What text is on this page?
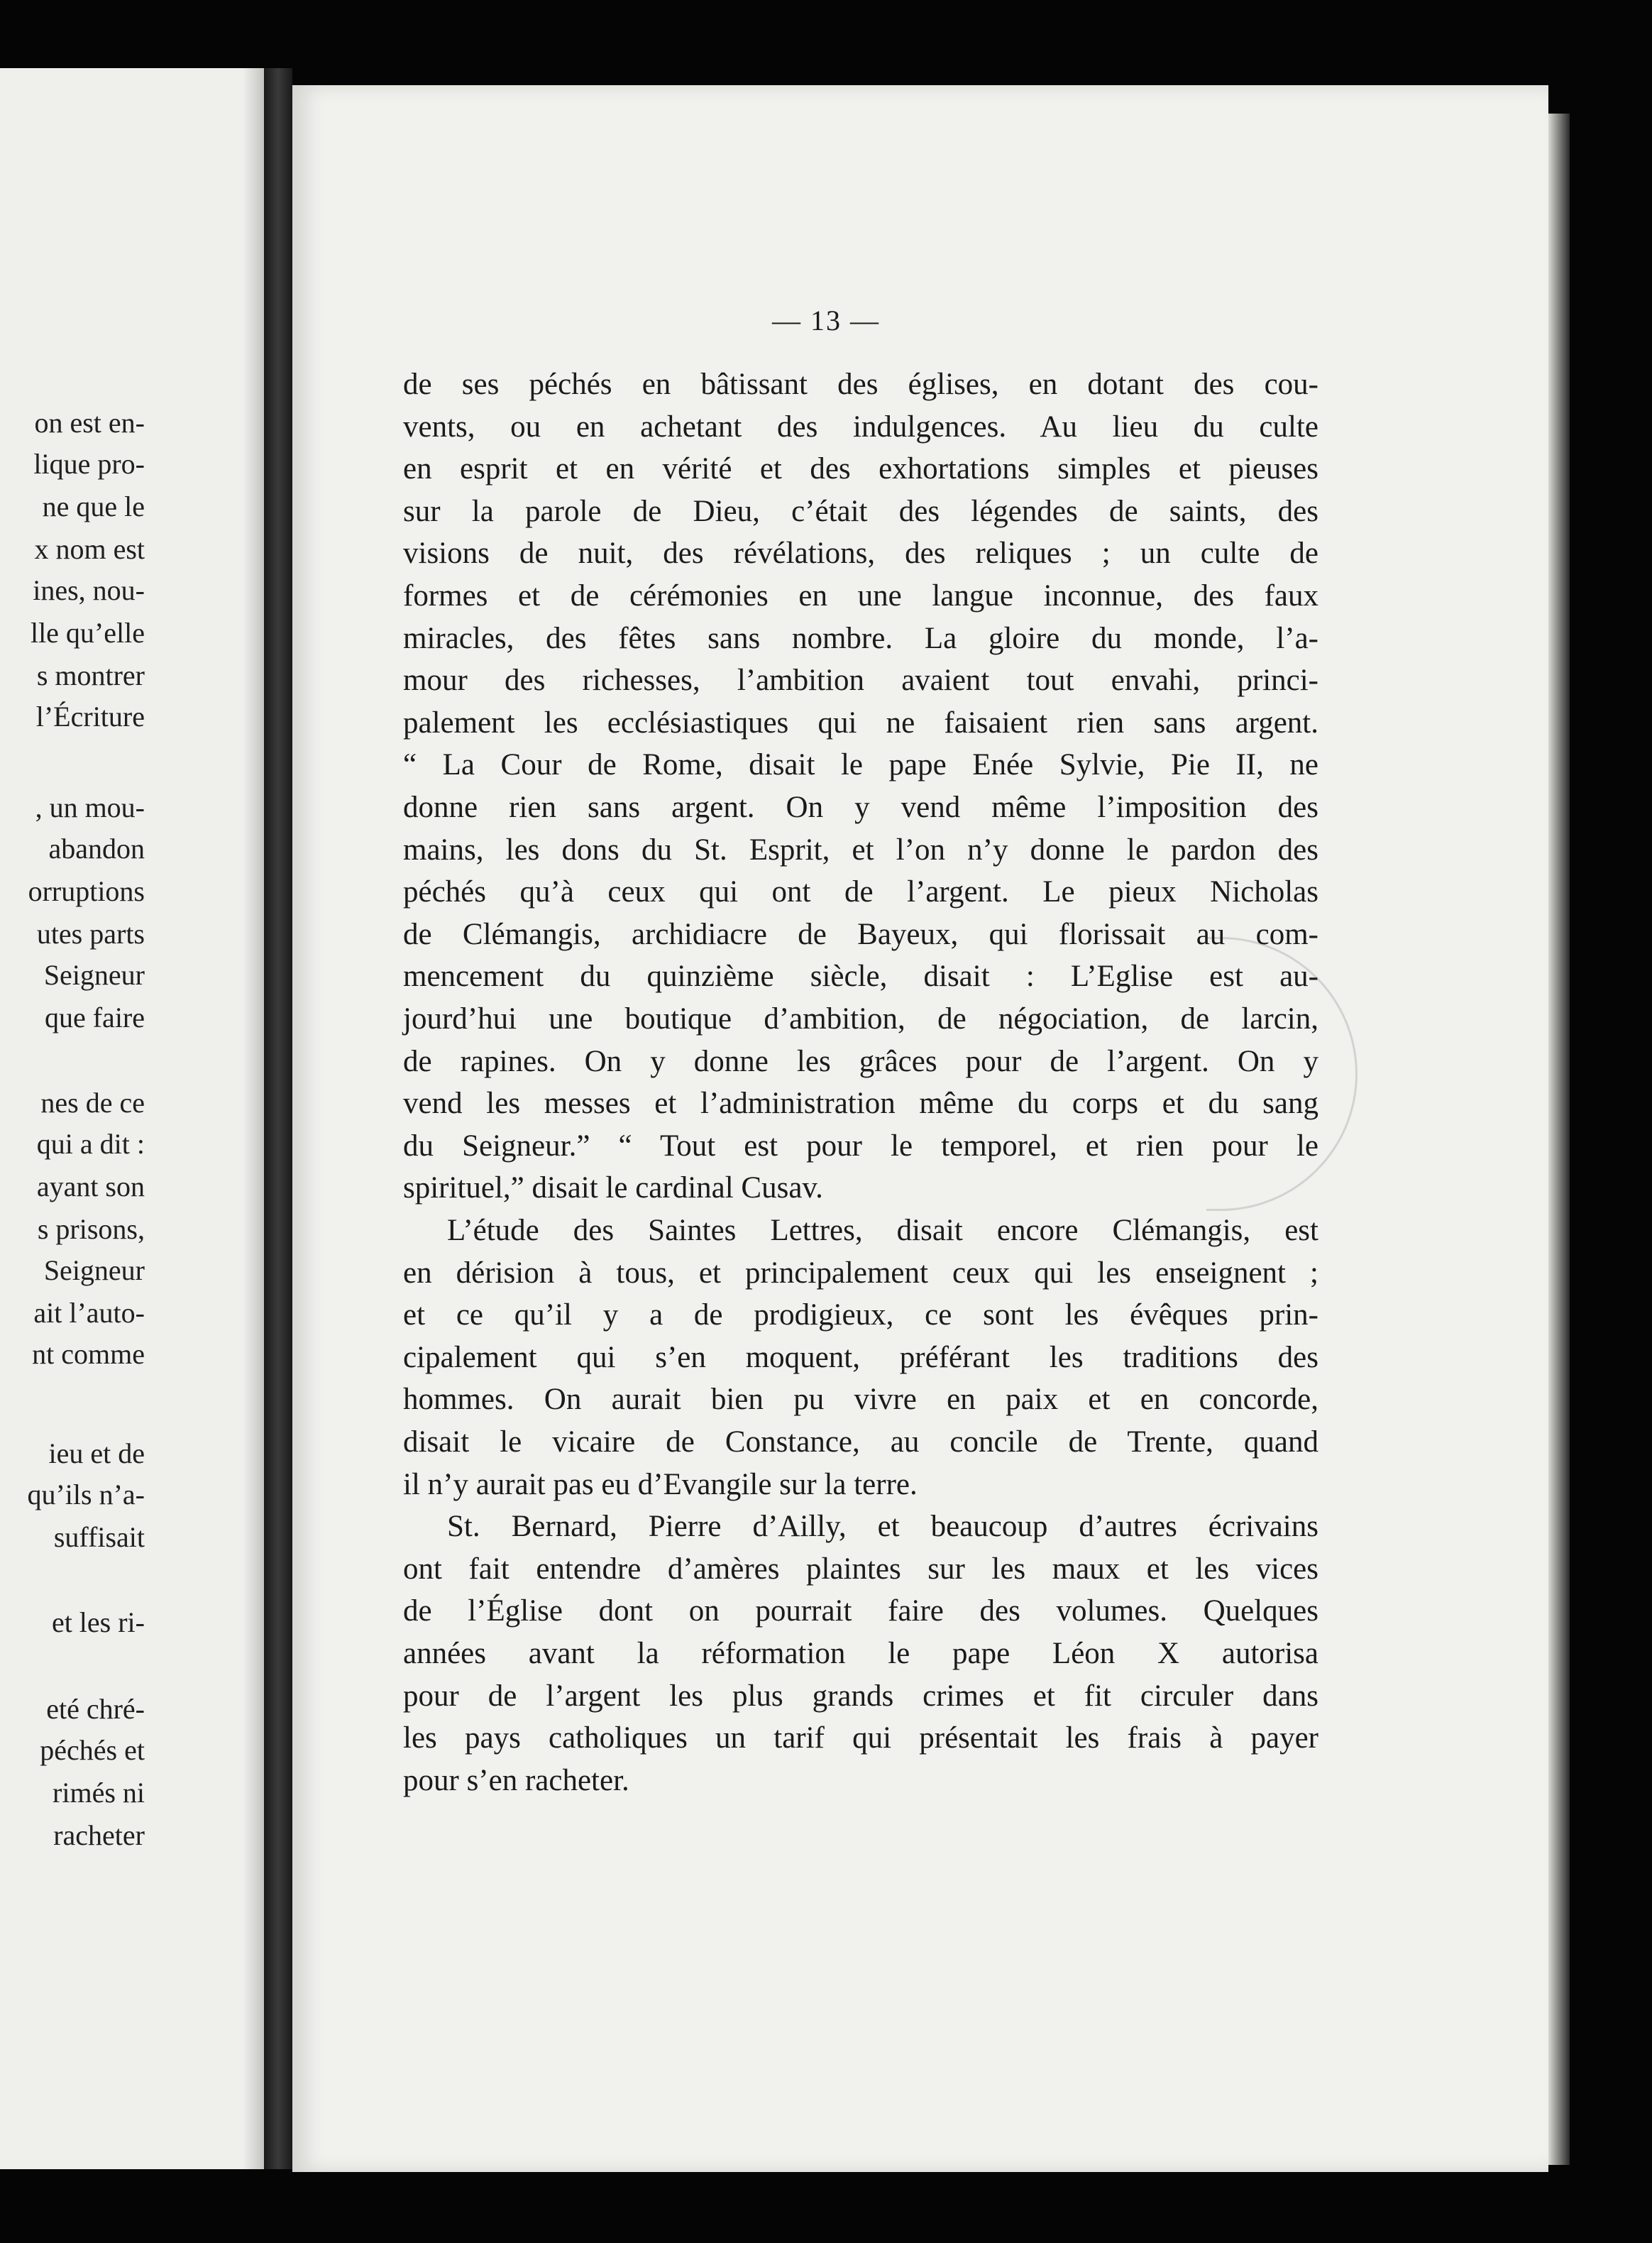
on est en-
lique pro-
ne que le
x nom est
ines, nou-
lle qu’elle
s montrer
l’Écriture
, un mou-
abandon
orruptions
utes parts
Seigneur
que faire
nes de ce
qui a dit :
ayant son
s prisons,
Seigneur
ait l’auto-
nt comme
ieu et de
qu’ils n’a-
suffisait
et les ri-
eté chré-
péchés et
rimés ni
racheter
— 13 —
de ses péchés en bâtissant des églises, en dotant des cou-
vents, ou en achetant des indulgences. Au lieu du culte
en esprit et en vérité et des exhortations simples et pieuses
sur la parole de Dieu, c’était des légendes de saints, des
visions de nuit, des révélations, des reliques ; un culte de
formes et de cérémonies en une langue inconnue, des faux
miracles, des fêtes sans nombre. La gloire du monde, l’a-
mour des richesses, l’ambition avaient tout envahi, princi-
palement les ecclésiastiques qui ne faisaient rien sans argent.
“ La Cour de Rome, disait le pape Enée Sylvie, Pie II, ne
donne rien sans argent. On y vend même l’imposition des
mains, les dons du St. Esprit, et l’on n’y donne le pardon des
péchés qu’à ceux qui ont de l’argent. Le pieux Nicholas
de Clémangis, archidiacre de Bayeux, qui florissait au com-
mencement du quinzième siècle, disait : L’Eglise est au-
jourd’hui une boutique d’ambition, de négociation, de larcin,
de rapines. On y donne les grâces pour de l’argent. On y
vend les messes et l’administration même du corps et du sang
du Seigneur.” “ Tout est pour le temporel, et rien pour le
spirituel,” disait le cardinal Cusav.
L’étude des Saintes Lettres, disait encore Clémangis, est
en dérision à tous, et principalement ceux qui les enseignent ;
et ce qu’il y a de prodigieux, ce sont les évêques prin-
cipalement qui s’en moquent, préférant les traditions des
hommes. On aurait bien pu vivre en paix et en concorde,
disait le vicaire de Constance, au concile de Trente, quand
il n’y aurait pas eu d’Evangile sur la terre.
St. Bernard, Pierre d’Ailly, et beaucoup d’autres écrivains
ont fait entendre d’amères plaintes sur les maux et les vices
de l’Église dont on pourrait faire des volumes. Quelques
années avant la réformation le pape Léon X autorisa
pour de l’argent les plus grands crimes et fit circuler dans
les pays catholiques un tarif qui présentait les frais à payer
pour s’en racheter.
